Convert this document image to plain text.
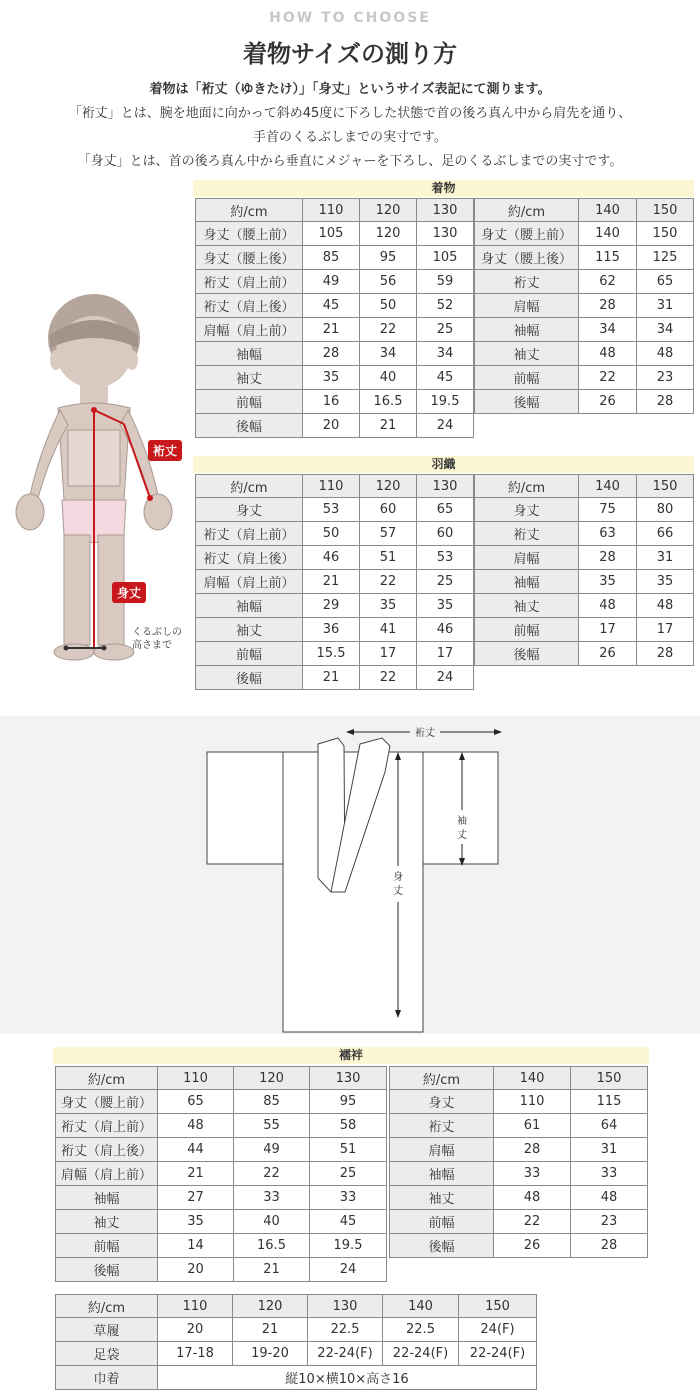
HOW TO CHOOSE
着物サイズの測り方

着物は「裄丈（ゆきたけ）」「身丈」というサイズ表記にて測ります。

「裄丈」とは、腕を地面に向かって斜め45度に下ろした状態で首の後ろ真ん中から肩先を通り、

手首のくるぶしまでの実寸です。

「身丈」とは、首の後ろ真ん中から垂直にメジャーを下ろし、足のくるぶしまでの実寸です。

着物
約/cm	110	120	130
身丈（腰上前）	105	120	130
身丈（腰上後）	85	95	105
裄丈（肩上前）	49	56	59
裄丈（肩上後）	45	50	52
肩幅（肩上前）	21	22	25
袖幅	28	34	34
袖丈	35	40	45
前幅	16	16.5	19.5
後幅	20	21	24
約/cm	140	150
身丈（腰上前）	140	150
身丈（腰上後）	115	125
裄丈	62	65
肩幅	28	31
袖幅	34	34
袖丈	48	48
前幅	22	23
後幅	26	28
羽織
約/cm	110	120	130
身丈	53	60	65
裄丈（肩上前）	50	57	60
裄丈（肩上後）	46	51	53
肩幅（肩上前）	21	22	25
袖幅	29	35	35
袖丈	36	41	46
前幅	15.5	17	17
後幅	21	22	24
約/cm	140	150
身丈	75	80
裄丈	63	66
肩幅	28	31
袖幅	35	35
袖丈	48	48
前幅	17	17
後幅	26	28
裄丈
身丈
くるぶしの
高さまで
裄丈
袖
丈
身
丈
襦袢
約/cm	110	120	130
身丈（腰上前）	65	85	95
裄丈（肩上前）	48	55	58
裄丈（肩上後）	44	49	51
肩幅（肩上前）	21	22	25
袖幅	27	33	33
袖丈	35	40	45
前幅	14	16.5	19.5
後幅	20	21	24
約/cm	140	150
身丈	110	115
裄丈	61	64
肩幅	28	31
袖幅	33	33
袖丈	48	48
前幅	22	23
後幅	26	28
約/cm	110	120	130	140	150
草履	20	21	22.5	22.5	24(F)
足袋	17-18	19-20	22-24(F)	22-24(F)	22-24(F)
巾着	縦10×横10×高さ16				
